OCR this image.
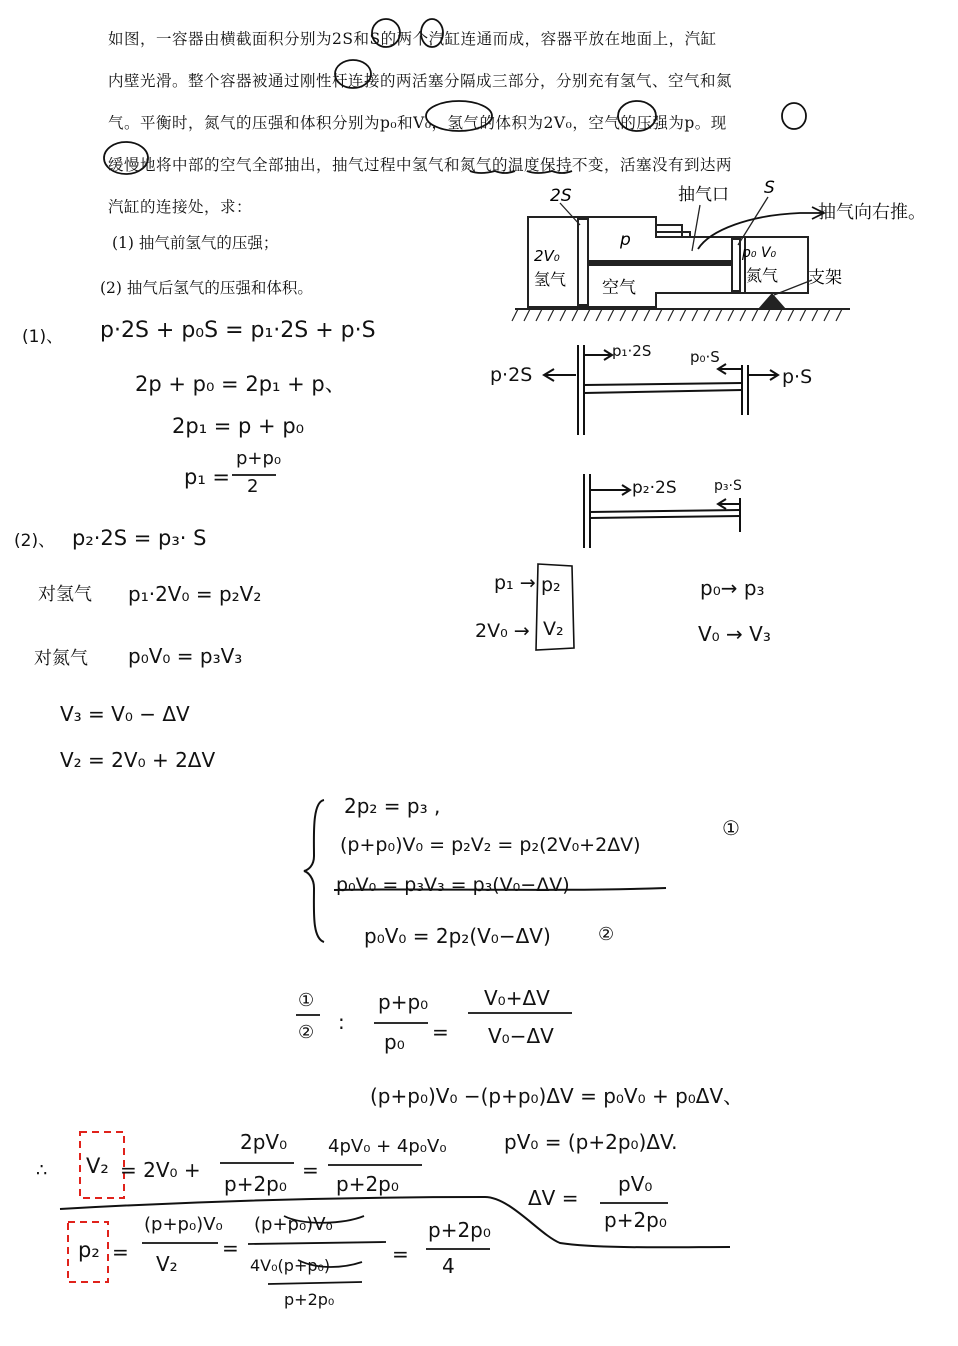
如图，一容器由横截面积分别为2S和S的两个汽缸连通而成，容器平放在地面上，汽缸

内壁光滑。整个容器被通过刚性杆连接的两活塞分隔成三部分，分别充有氢气、空气和氮

气。平衡时，氮气的压强和体积分别为p₀和V₀，氢气的体积为2V₀，空气的压强为p。现

缓慢地将中部的空气全部抽出，抽气过程中氢气和氮气的温度保持不变，活塞没有到达两

汽缸的连接处，求：

(1) 抽气前氢气的压强；
(2) 抽气后氢气的压强和体积。
2S	S
抽气口
2V₀
氢气
p
空气
p₀ V₀
氮气 支架
抽气向右推。
(1)、 p·2S + p₀S = p₁·2S + p·S
2p + p₀ = 2p₁ + p、
2p₁ = p + p₀
p₁ =
p+p₀
2
p·2S
p₁·2S	p₀·S
p·S
p₂·2S	p₃·S
p₁ → p₂
2V₀ → V₂
p₀→ p₃
V₀ → V₃
(2)、 p₂·2S = p₃· S
对氢气 p₁·2V₀ = p₂V₂
对氮气 p₀V₀ = p₃V₃
V₃ = V₀ − ΔV
V₂ = 2V₀ + 2ΔV
2p₂ = p₃ ,
(p+p₀)V₀ = p₂V₂ = p₂(2V₀+2ΔV)
①
p₀V₀ = p₃V₃ = p₃(V₀−ΔV)
p₀V₀ = 2p₂(V₀−ΔV)	②
①
② :
p+p₀
p₀ =
V₀+ΔV
V₀−ΔV
(p+p₀)V₀ −(p+p₀)ΔV = p₀V₀ + p₀ΔV、
pV₀ = (p+2p₀)ΔV.
ΔV =
pV₀
p+2p₀
∴ V₂ = 2V₀ +
2pV₀
p+2p₀
=
4pV₀ + 4p₀V₀
p+2p₀
p₂ =
(p+p₀)V₀
V₂
=
(p+p₀)V₀
4V₀(p+p₀)
p+2p₀
=
p+2p₀
4
